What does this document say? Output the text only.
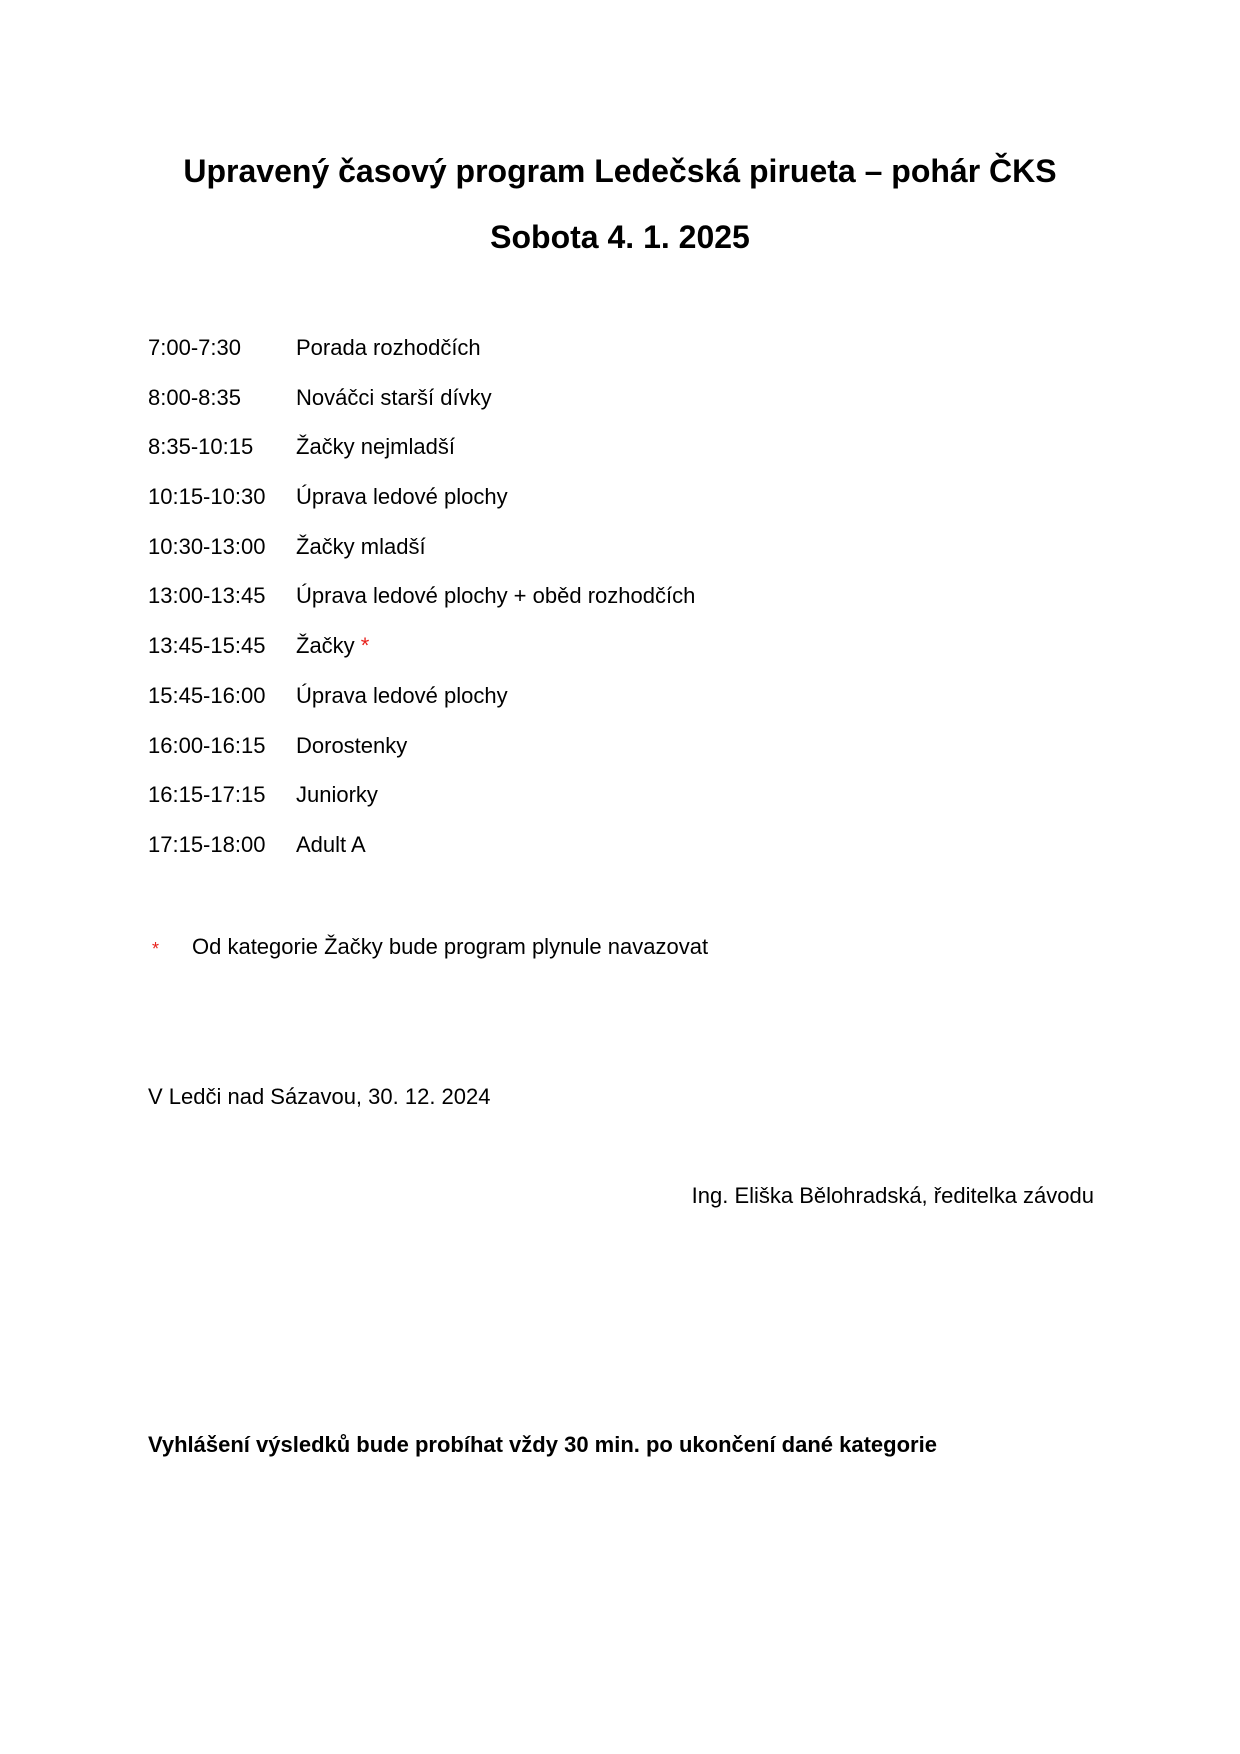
Upravený časový program Ledečská pirueta – pohár ČKS
Sobota 4. 1. 2025
7:00-7:30	Porada rozhodčích
8:00-8:35	Nováčci starší dívky
8:35-10:15 Žačky nejmladší
10:15-10:30 Úprava ledové plochy
10:30-13:00 Žačky mladší
13:00-13:45 Úprava ledové plochy + oběd rozhodčích
13:45-15:45 Žačky *
15:45-16:00 Úprava ledové plochy
16:00-16:15 Dorostenky
16:15-17:15 Juniorky
17:15-18:00 Adult A
* Od kategorie Žačky bude program plynule navazovat
V Ledči nad Sázavou, 30. 12. 2024
Ing. Eliška Bělohradská, ředitelka závodu
Vyhlášení výsledků bude probíhat vždy 30 min. po ukončení dané kategorie
